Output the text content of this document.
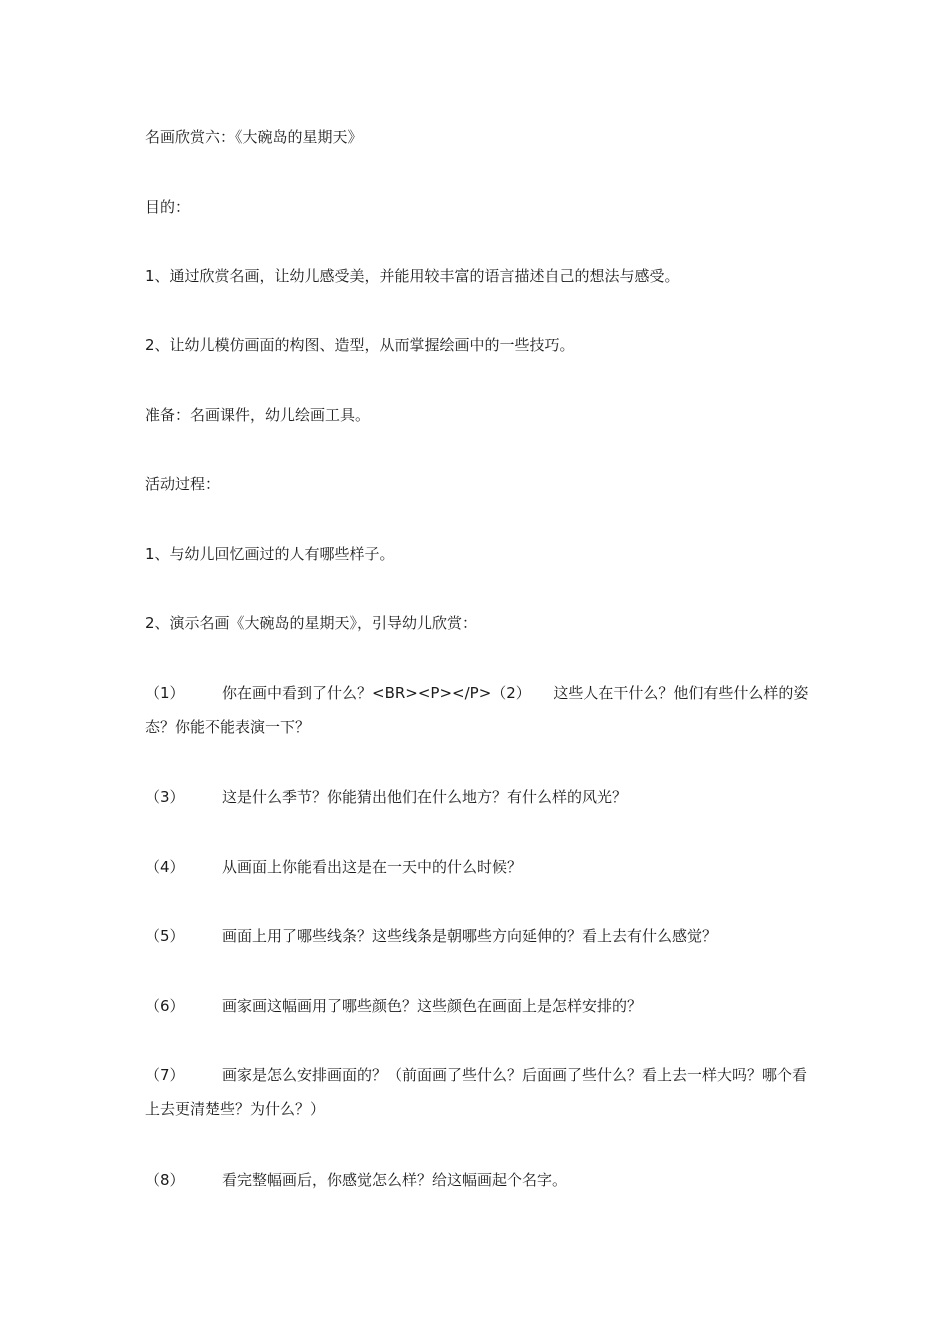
名画欣赏六：《大碗岛的星期天》

目的：

1、通过欣赏名画，让幼儿感受美，并能用较丰富的语言描述自己的想法与感受。

2、让幼儿模仿画面的构图、造型，从而掌握绘画中的一些技巧。

准备：名画课件，幼儿绘画工具。

活动过程：

1、与幼儿回忆画过的人有哪些样子。

2、演示名画《大碗岛的星期天》，引导幼儿欣赏：

（1） 你在画中看到了什么？<BR><P></P>（2）　　这些人在干什么？他们有些什么样的姿态？你能不能表演一下？

（3） 这是什么季节？你能猜出他们在什么地方？有什么样的风光？

（4） 从画面上你能看出这是在一天中的什么时候？

（5） 画面上用了哪些线条？这些线条是朝哪些方向延伸的？看上去有什么感觉？

（6） 画家画这幅画用了哪些颜色？这些颜色在画面上是怎样安排的？

（7） 画家是怎么安排画面的？（前面画了些什么？后面画了些什么？看上去一样大吗？哪个看上去更清楚些？为什么？）

（8） 看完整幅画后，你感觉怎么样？给这幅画起个名字。
